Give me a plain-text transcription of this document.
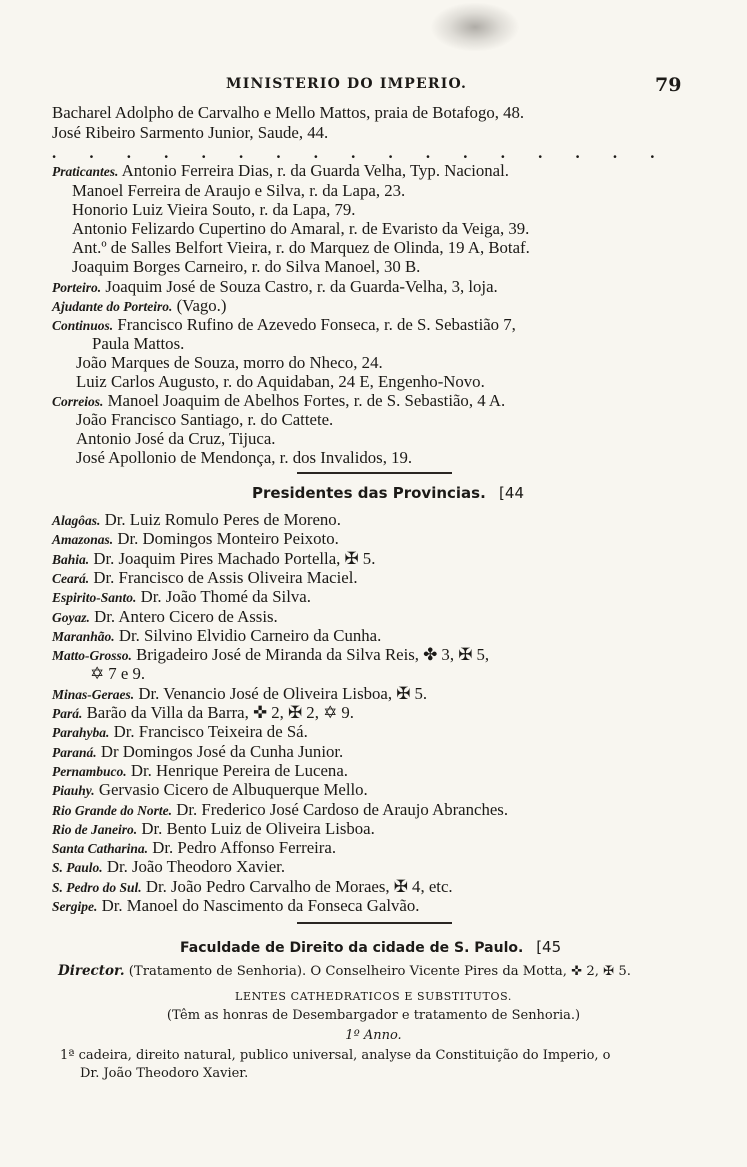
MINISTERIO DO IMPERIO.	79
Bacharel Adolpho de Carvalho e Mello Mattos, praia de Botafogo, 48.
José Ribeiro Sarmento Junior, Saude, 44.
. . . . . . . . . . . . . . . . .
Praticantes. Antonio Ferreira Dias, r. da Guarda Velha, Typ. Nacional.
Manoel Ferreira de Araujo e Silva, r. da Lapa, 23.
Honorio Luiz Vieira Souto, r. da Lapa, 79.
Antonio Felizardo Cupertino do Amaral, r. de Evaristo da Veiga, 39.
Ant.º de Salles Belfort Vieira, r. do Marquez de Olinda, 19 A, Botaf.
Joaquim Borges Carneiro, r. do Silva Manoel, 30 B.
Porteiro. Joaquim José de Souza Castro, r. da Guarda-Velha, 3, loja.
Ajudante do Porteiro. (Vago.)
Continuos. Francisco Rufino de Azevedo Fonseca, r. de S. Sebastião 7,
Paula Mattos.
João Marques de Souza, morro do Nheco, 24.
Luiz Carlos Augusto, r. do Aquidaban, 24 E, Engenho-Novo.
Correios. Manoel Joaquim de Abelhos Fortes, r. de S. Sebastião, 4 A.
João Francisco Santiago, r. do Cattete.
Antonio José da Cruz, Tijuca.
José Apollonio de Mendonça, r. dos Invalidos, 19.
Presidentes das Provincias. [44
Alagôas. Dr. Luiz Romulo Peres de Moreno.
Amazonas. Dr. Domingos Monteiro Peixoto.
Bahia. Dr. Joaquim Pires Machado Portella, ✠ 5.
Ceará. Dr. Francisco de Assis Oliveira Maciel.
Espirito-Santo. Dr. João Thomé da Silva.
Goyaz. Dr. Antero Cicero de Assis.
Maranhão. Dr. Silvino Elvidio Carneiro da Cunha.
Matto-Grosso. Brigadeiro José de Miranda da Silva Reis, ✤ 3, ✠ 5,
✡ 7 e 9.
Minas-Geraes. Dr. Venancio José de Oliveira Lisboa, ✠ 5.
Pará. Barão da Villa da Barra, ✜ 2, ✠ 2, ✡ 9.
Parahyba. Dr. Francisco Teixeira de Sá.
Paraná. Dr Domingos José da Cunha Junior.
Pernambuco. Dr. Henrique Pereira de Lucena.
Piauhy. Gervasio Cicero de Albuquerque Mello.
Rio Grande do Norte. Dr. Frederico José Cardoso de Araujo Abranches.
Rio de Janeiro. Dr. Bento Luiz de Oliveira Lisboa.
Santa Catharina. Dr. Pedro Affonso Ferreira.
S. Paulo. Dr. João Theodoro Xavier.
S. Pedro do Sul. Dr. João Pedro Carvalho de Moraes, ✠ 4, etc.
Sergipe. Dr. Manoel do Nascimento da Fonseca Galvão.
Faculdade de Direito da cidade de S. Paulo. [45
Director. (Tratamento de Senhoria). O Conselheiro Vicente Pires da Motta, ✜ 2, ✠ 5.
LENTES CATHEDRATICOS E SUBSTITUTOS.
(Têm as honras de Desembargador e tratamento de Senhoria.)
1º Anno.
1ª cadeira, direito natural, publico universal, analyse da Constituição do Imperio, o
Dr. João Theodoro Xavier.
